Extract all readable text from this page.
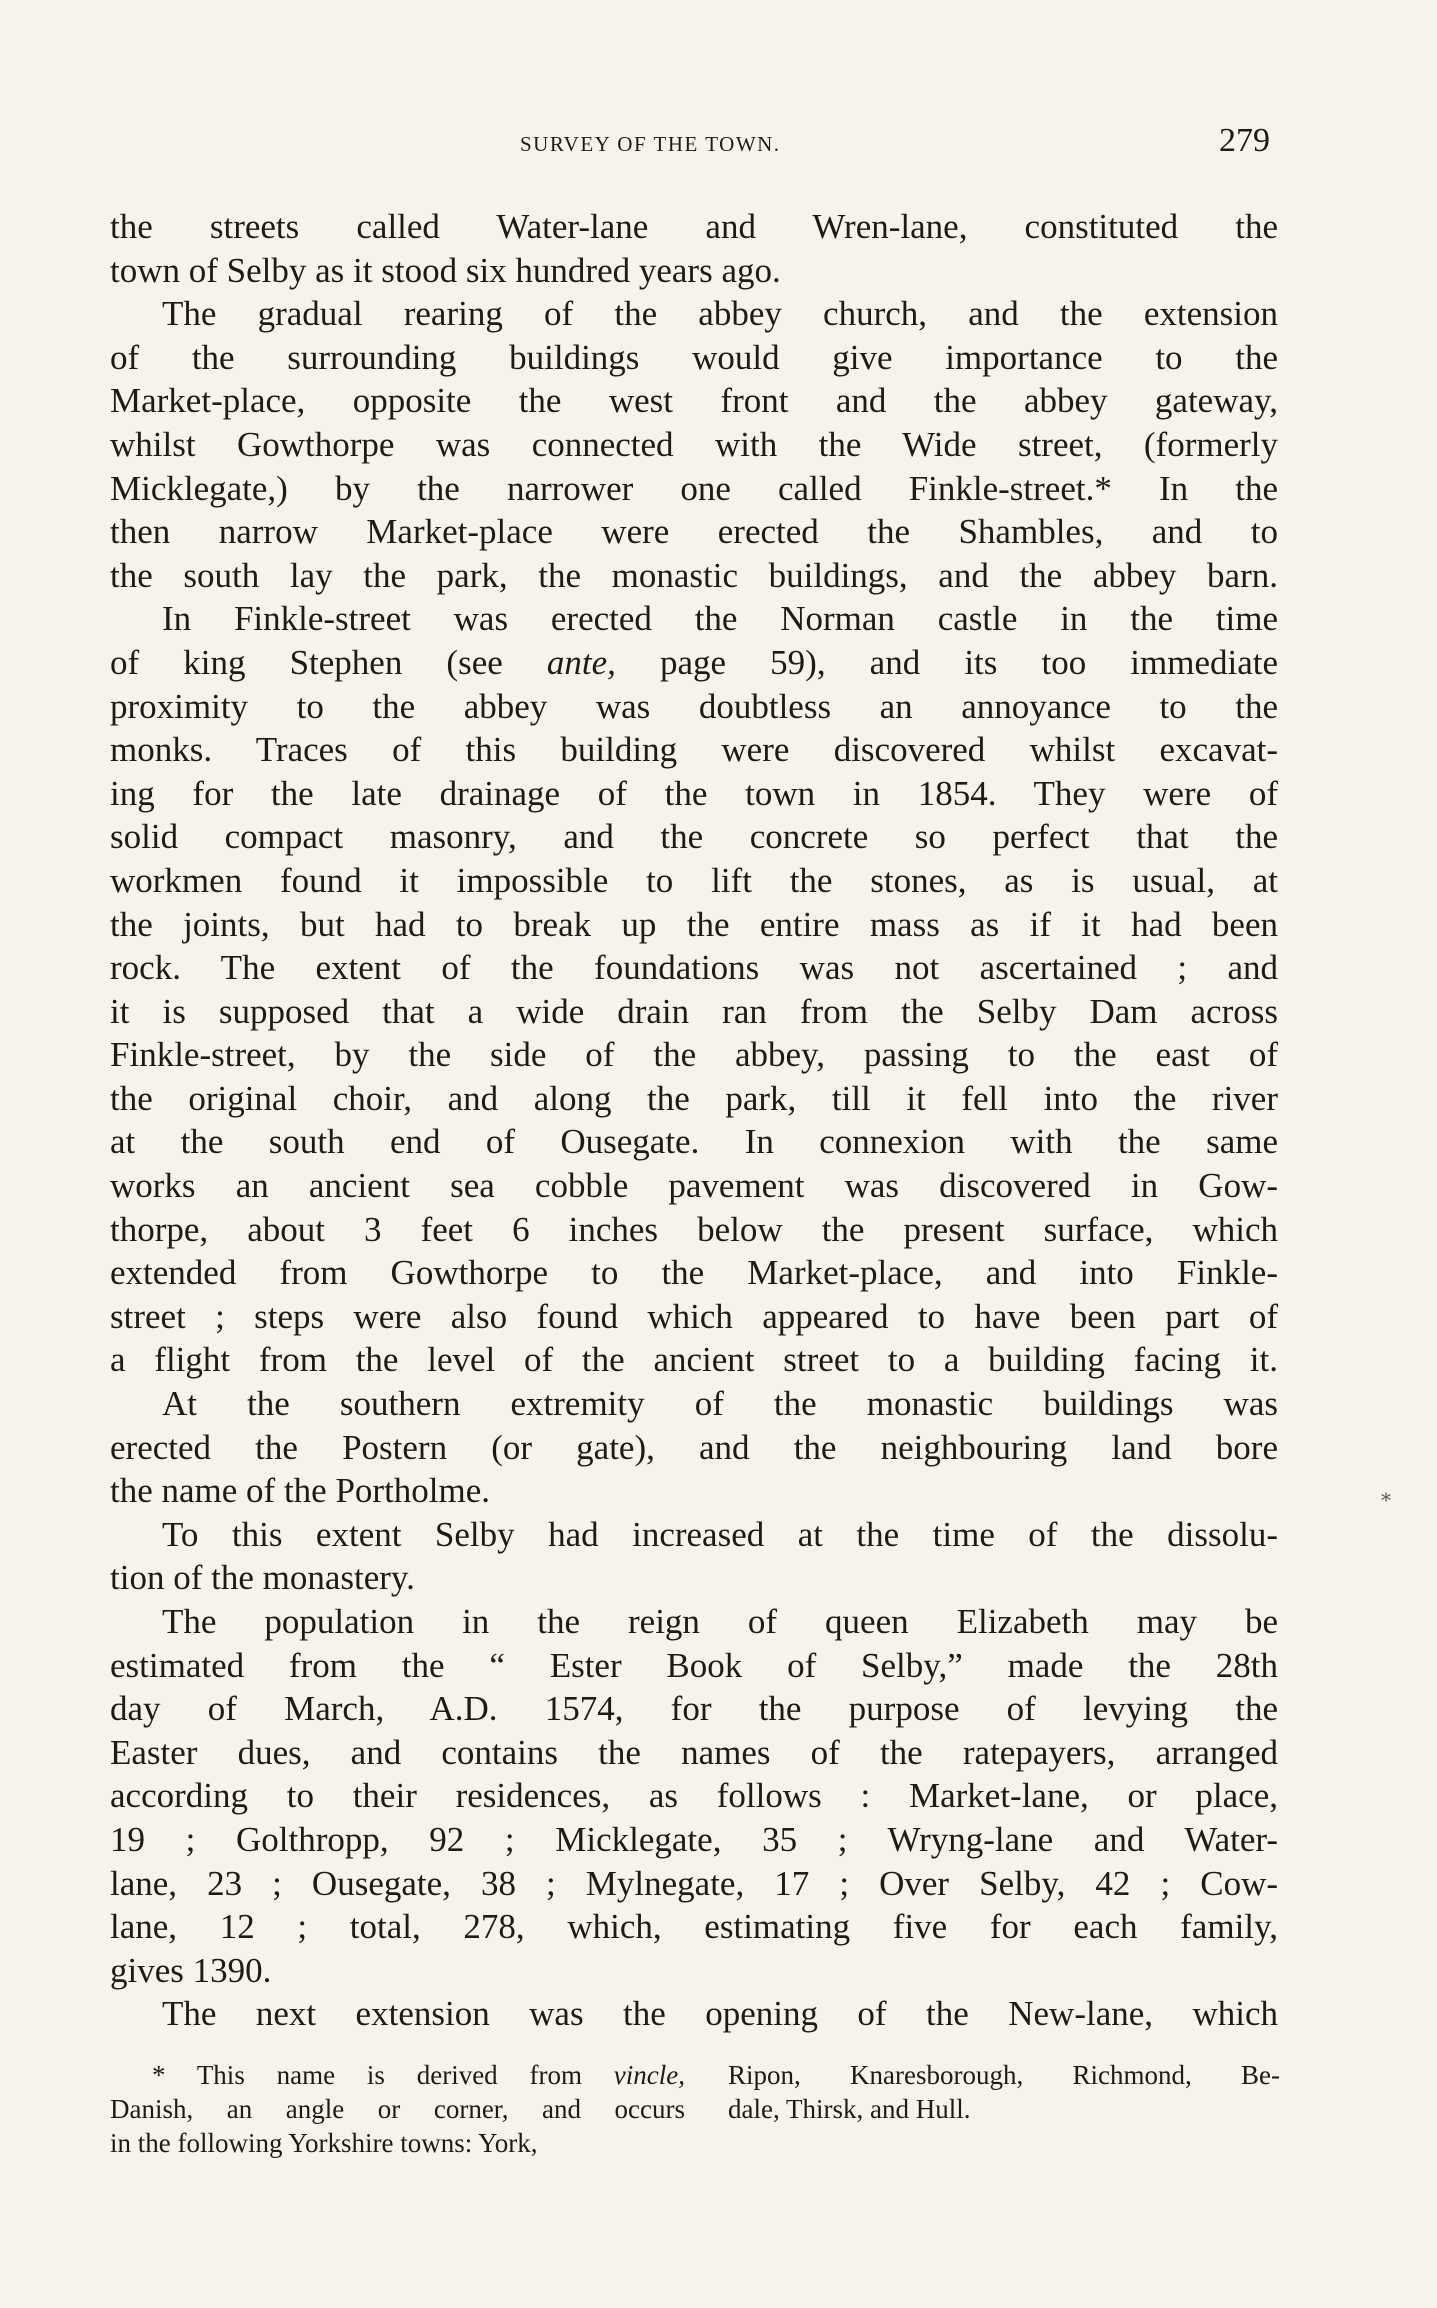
SURVEY OF THE TOWN.	279
the streets called Water-lane and Wren-lane, constituted the
town of Selby as it stood six hundred years ago.
The gradual rearing of the abbey church, and the extension
of the surrounding buildings would give importance to the
Market-place, opposite the west front and the abbey gateway,
whilst Gowthorpe was connected with the Wide street, (formerly
Micklegate,) by the narrower one called Finkle-street.* In the
then narrow Market-place were erected the Shambles, and to
the south lay the park, the monastic buildings, and the abbey barn.
In Finkle-street was erected the Norman castle in the time
of king Stephen (see ante, page 59), and its too immediate
proximity to the abbey was doubtless an annoyance to the
monks. Traces of this building were discovered whilst excavat-
ing for the late drainage of the town in 1854. They were of
solid compact masonry, and the concrete so perfect that the
workmen found it impossible to lift the stones, as is usual, at
the joints, but had to break up the entire mass as if it had been
rock. The extent of the foundations was not ascertained ; and
it is supposed that a wide drain ran from the Selby Dam across
Finkle-street, by the side of the abbey, passing to the east of
the original choir, and along the park, till it fell into the river
at the south end of Ousegate. In connexion with the same
works an ancient sea cobble pavement was discovered in Gow-
thorpe, about 3 feet 6 inches below the present surface, which
extended from Gowthorpe to the Market-place, and into Finkle-
street ; steps were also found which appeared to have been part of
a flight from the level of the ancient street to a building facing it.
At the southern extremity of the monastic buildings was
erected the Postern (or gate), and the neighbouring land bore
the name of the Portholme.
To this extent Selby had increased at the time of the dissolu-
tion of the monastery.
The population in the reign of queen Elizabeth may be
estimated from the “ Ester Book of Selby,” made the 28th
day of March, A.D. 1574, for the purpose of levying the
Easter dues, and contains the names of the ratepayers, arranged
according to their residences, as follows : Market-lane, or place,
19 ; Golthropp, 92 ; Micklegate, 35 ; Wryng-lane and Water-
lane, 23 ; Ousegate, 38 ; Mylnegate, 17 ; Over Selby, 42 ; Cow-
lane, 12 ; total, 278, which, estimating five for each family,
gives 1390.
The next extension was the opening of the New-lane, which
*
* This name is derived from vincle,
Danish, an angle or corner, and occurs
in the following Yorkshire towns: York,
Ripon, Knaresborough, Richmond, Be-
dale, Thirsk, and Hull.
